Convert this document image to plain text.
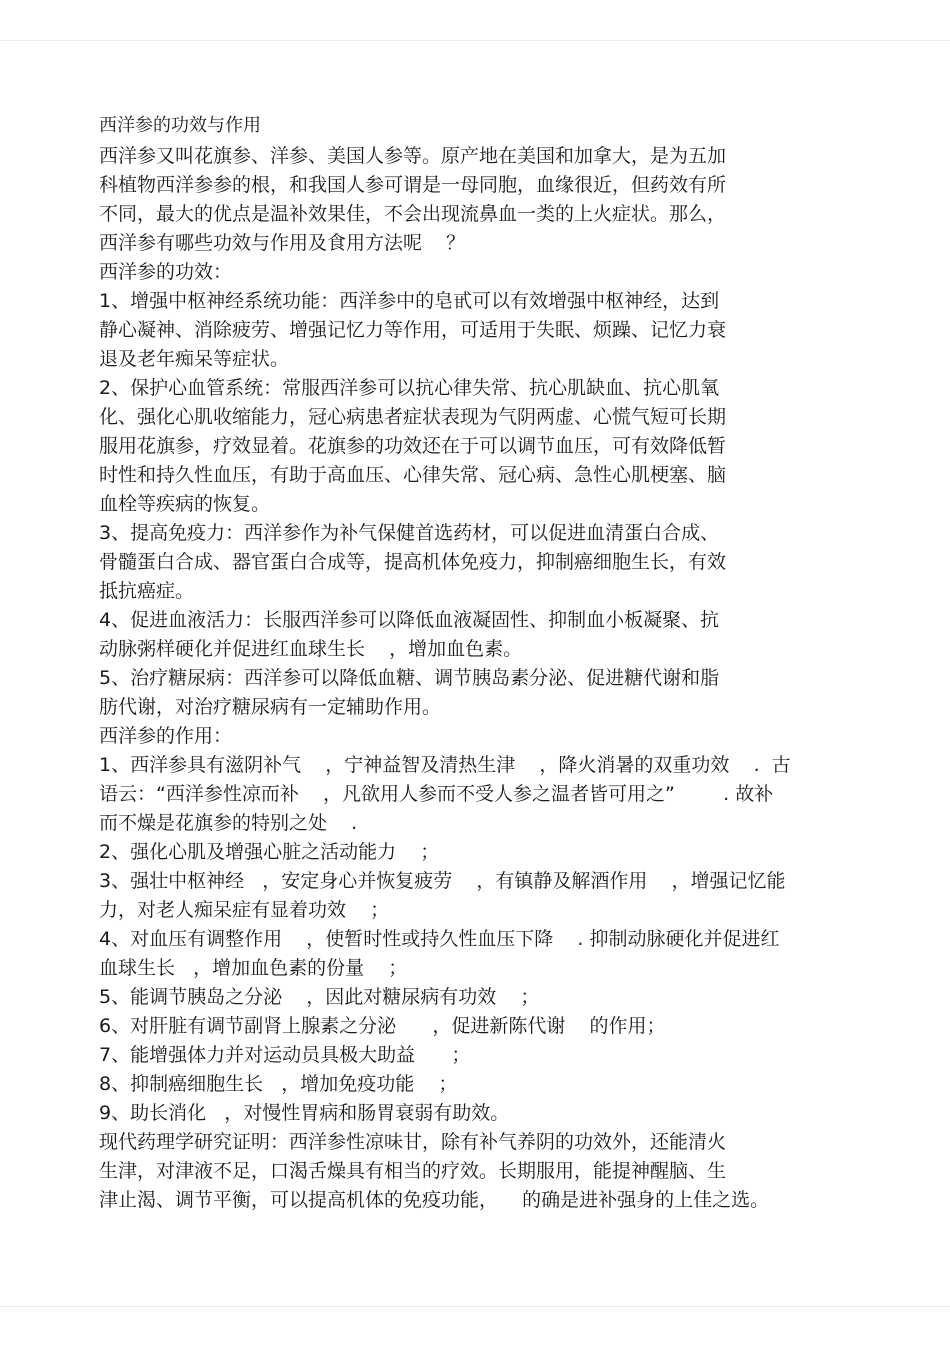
西洋参的功效与作用
西洋参又叫花旗参、洋参、美国人参等。原产地在美国和加拿大，是为五加
科植物西洋参参的根，和我国人参可谓是一母同胞，血缘很近，但药效有所
不同，最大的优点是温补效果佳，不会出现流鼻血一类的上火症状。那么，
西洋参有哪些功效与作用及食用方法呢    ？
西洋参的功效：
1、增强中枢神经系统功能：西洋参中的皂甙可以有效增强中枢神经，达到
静心凝神、消除疲劳、增强记忆力等作用，可适用于失眠、烦躁、记忆力衰
退及老年痴呆等症状。
2、保护心血管系统：常服西洋参可以抗心律失常、抗心肌缺血、抗心肌氧
化、强化心肌收缩能力，冠心病患者症状表现为气阴两虚、心慌气短可长期
服用花旗参，疗效显着。花旗参的功效还在于可以调节血压，可有效降低暂
时性和持久性血压，有助于高血压、心律失常、冠心病、急性心肌梗塞、脑
血栓等疾病的恢复。
3、提高免疫力：西洋参作为补气保健首选药材，可以促进血清蛋白合成、
骨髓蛋白合成、器官蛋白合成等，提高机体免疫力，抑制癌细胞生长，有效
抵抗癌症。
4、促进血液活力：长服西洋参可以降低血液凝固性、抑制血小板凝聚、抗
动脉粥样硬化并促进红血球生长    ，增加血色素。
5、治疗糖尿病：西洋参可以降低血糖、调节胰岛素分泌、促进糖代谢和脂
肪代谢，对治疗糖尿病有一定辅助作用。
西洋参的作用：
1、西洋参具有滋阴补气    ，宁神益智及清热生津    ，降火消暑的双重功效    .  古
语云：“西洋参性凉而补    ，凡欲用人参而不受人参之温者皆可用之”        . 故补
而不燥是花旗参的特别之处    .
2、强化心肌及增强心脏之活动能力    ；
3、强壮中枢神经   ，安定身心并恢复疲劳    ，有镇静及解酒作用    ，增强记忆能
力，对老人痴呆症有显着功效    ；
4、对血压有调整作用    ，使暂时性或持久性血压下降    . 抑制动脉硬化并促进红
血球生长   ，增加血色素的份量    ；
5、能调节胰岛之分泌    ，因此对糖尿病有功效    ；
6、对肝脏有调节副肾上腺素之分泌      ，促进新陈代谢    的作用；
7、能增强体力并对运动员具极大助益      ；
8、抑制癌细胞生长   ，增加免疫功能    ；
9、助长消化   ，对慢性胃病和肠胃衰弱有助效。
现代药理学研究证明：西洋参性凉味甘，除有补气养阴的功效外，还能清火
生津，对津液不足，口渴舌燥具有相当的疗效。长期服用，能提神醒脑、生
津止渴、调节平衡，可以提高机体的免疫功能，    的确是进补强身的上佳之选。
